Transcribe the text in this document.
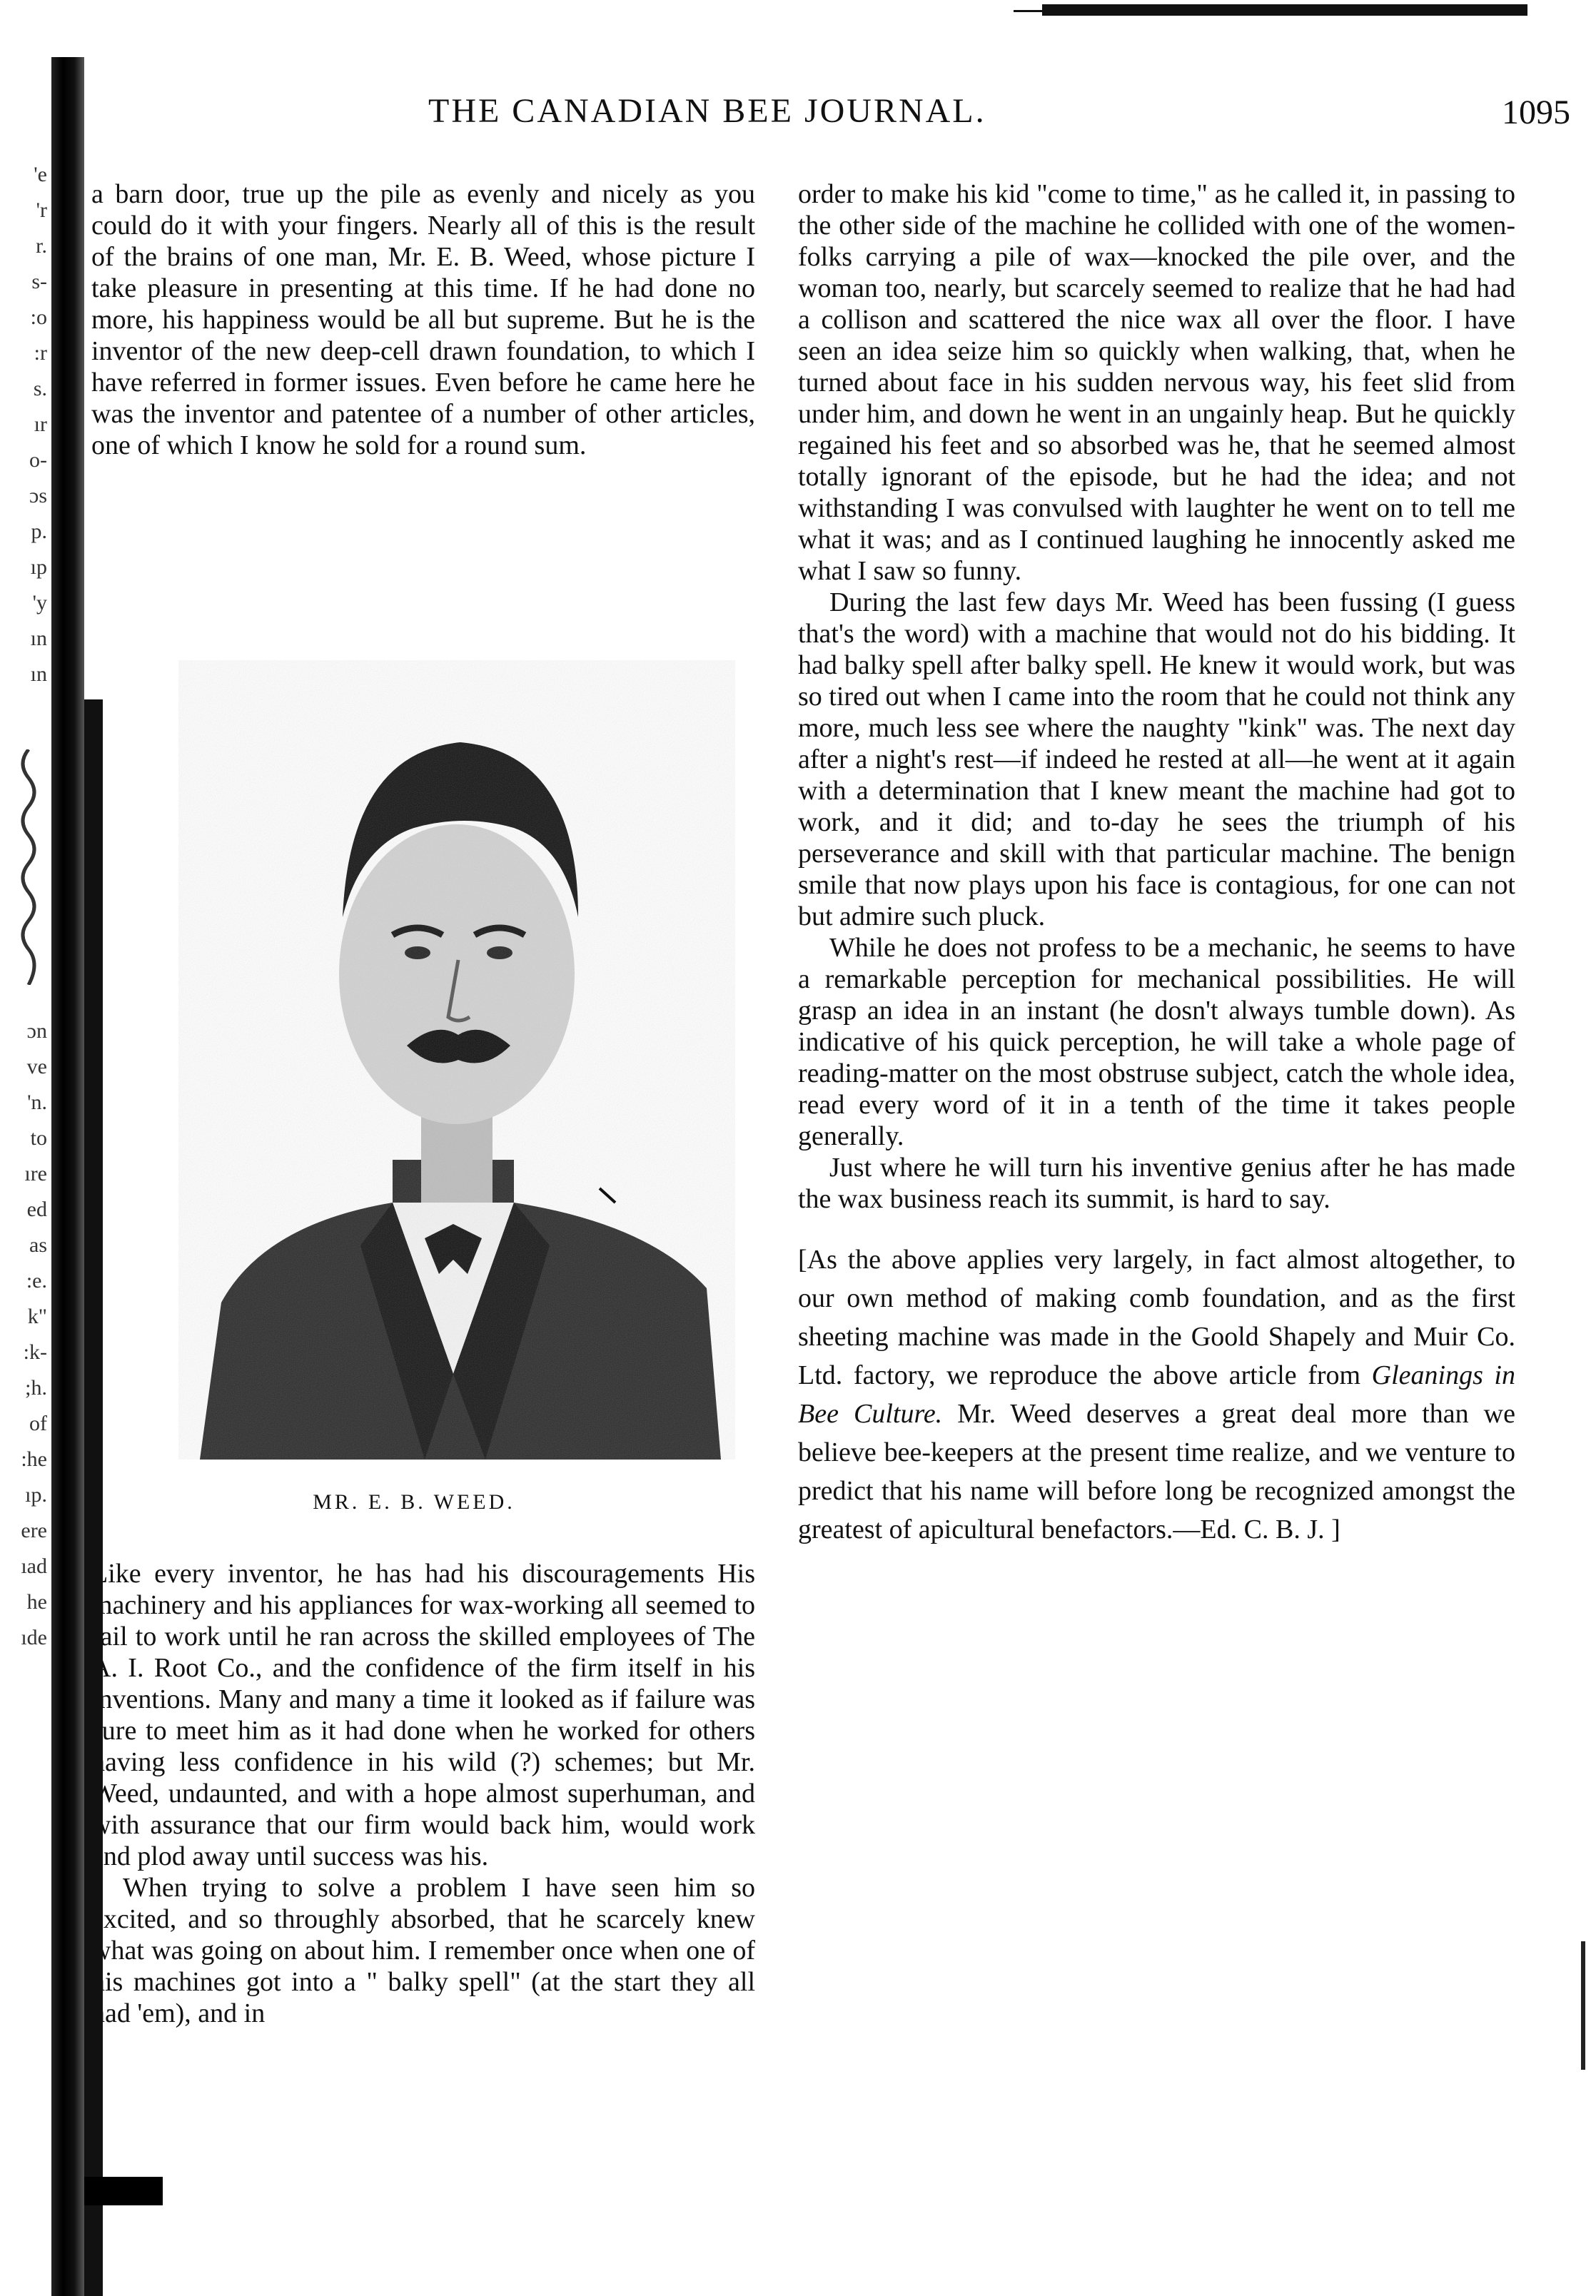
'e
'r
r.
s-
:o
:r
s.
ır
o-
ɔs
p.
ıp
'y
ın
ın
ɔn
ve
'n.
to
ıre
ed
as
:e.
k"
:k-
;h.
of
:he
ıp.
ere
ıad
he
ıde
THE CANADIAN BEE JOURNAL.	1095

a barn door, true up the pile as evenly and nicely as you could do it with your fingers. Nearly all of this is the result of the brains of one man, Mr. E. B. Weed, whose picture I take pleasure in presenting at this time. If he had done no more, his happiness would be all but supreme. But he is the inventor of the new deep-cell drawn foundation, to which I have referred in former issues. Even before he came here he was the inventor and patentee of a number of other articles, one of which I know he sold for a round sum.

MR. E. B. WEED.

Like every inventor, he has had his discouragements His machinery and his appliances for wax-working all seemed to fail to work until he ran across the skilled employees of The A. I. Root Co., and the confidence of the firm itself in his inventions. Many and many a time it looked as if failure was sure to meet him as it had done when he worked for others having less confidence in his wild (?) schemes; but Mr. Weed, undaunted, and with a hope almost superhuman, and with assurance that our firm would back him, would work and plod away until success was his.

When trying to solve a problem I have seen him so excited, and so throughly absorbed, that he scarcely knew what was going on about him. I remember once when one of his machines got into a " balky spell" (at the start they all had 'em), and in

order to make his kid "come to time," as he called it, in passing to the other side of the machine he collided with one of the women-folks carrying a pile of wax—knocked the pile over, and the woman too, nearly, but scarcely seemed to realize that he had had a collison and scattered the nice wax all over the floor. I have seen an idea seize him so quickly when walking, that, when he turned about face in his sudden nervous way, his feet slid from under him, and down he went in an ungainly heap. But he quickly regained his feet and so absorbed was he, that he seemed almost totally ignorant of the episode, but he had the idea; and not withstanding I was convulsed with laughter he went on to tell me what it was; and as I continued laughing he innocently asked me what I saw so funny.

During the last few days Mr. Weed has been fussing (I guess that's the word) with a machine that would not do his bidding. It had balky spell after balky spell. He knew it would work, but was so tired out when I came into the room that he could not think any more, much less see where the naughty "kink" was. The next day after a night's rest—if indeed he rested at all—he went at it again with a determination that I knew meant the machine had got to work, and it did; and to-day he sees the triumph of his perseverance and skill with that particular machine. The benign smile that now plays upon his face is contagious, for one can not but admire such pluck.

While he does not profess to be a mechanic, he seems to have a remarkable perception for mechanical possibilities. He will grasp an idea in an instant (he dosn't always tumble down). As indicative of his quick perception, he will take a whole page of reading-matter on the most obstruse subject, catch the whole idea, read every word of it in a tenth of the time it takes people generally.

Just where he will turn his inventive genius after he has made the wax business reach its summit, is hard to say.

[As the above applies very largely, in fact almost altogether, to our own method of making comb foundation, and as the first sheeting machine was made in the Goold Shapely and Muir Co. Ltd. factory, we reproduce the above article from Gleanings in Bee Culture. Mr. Weed deserves a great deal more than we believe bee-keepers at the present time realize, and we venture to predict that his name will before long be recognized amongst the greatest of apicultural benefactors.—Ed. C. B. J. ]
